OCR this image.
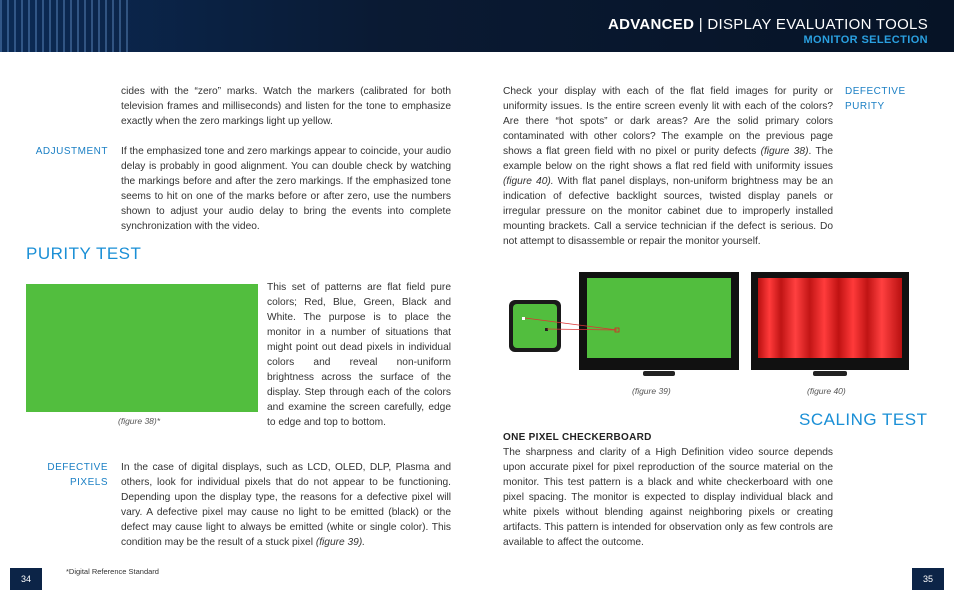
ADVANCED | DISPLAY EVALUATION TOOLS
MONITOR SELECTION
cides with the “zero” marks. Watch the markers (calibrated for both television frames and milliseconds) and listen for the tone to emphasize exactly when the zero markings light up yellow.
ADJUSTMENT If the emphasized tone and zero markings appear to coincide, your audio delay is probably in good alignment. You can double check by watching the markings before and after the zero markings. If the emphasized tone seems to hit on one of the marks before or after zero, use the numbers shown to adjust your audio delay to bring the events into complete synchronization with the video.
PURITY TEST
(figure 38)*
This set of patterns are flat field pure colors; Red, Blue, Green, Black and White. The purpose is to place the monitor in a number of situations that might point out dead pixels in individual colors and reveal non-uniform brightness across the surface of the display. Step through each of the colors and examine the screen carefully, edge to edge and top to bottom.
DEFECTIVE
PIXELS
In the case of digital displays, such as LCD, OLED, DLP, Plasma and others, look for individual pixels that do not appear to be functioning. Depending upon the display type, the reasons for a defective pixel will vary. A defective pixel may cause no light to be emitted (black) or the defect may cause light to always be emitted (white or single color). This condition may be the result of a stuck pixel (figure 39).
34
*Digital Reference Standard
Check your display with each of the flat field images for purity or uniformity issues. Is the entire screen evenly lit with each of the colors? Are there “hot spots” or dark areas? Are the solid primary colors contaminated with other colors? The example on the previous page shows a flat green field with no pixel or purity defects (figure 38). The example below on the right shows a flat red field with uniformity issues (figure 40). With flat panel displays, non-uniform brightness may be an indication of defective backlight sources, twisted display panels or irregular pressure on the monitor cabinet due to improperly installed mounting brackets. Call a service technician if the defect is serious. Do not attempt to disassemble or repair the monitor yourself.
DEFECTIVE
PURITY
(figure 39)	(figure 40)
SCALING TEST
ONE PIXEL CHECKERBOARD
The sharpness and clarity of a High Definition video source depends upon accurate pixel for pixel reproduction of the source material on the monitor. This test pattern is a black and white checkerboard with one pixel spacing. The monitor is expected to display individual black and white pixels without blending against neighboring pixels or creating artifacts. This pattern is intended for observation only as few controls are available to affect the outcome.
35
